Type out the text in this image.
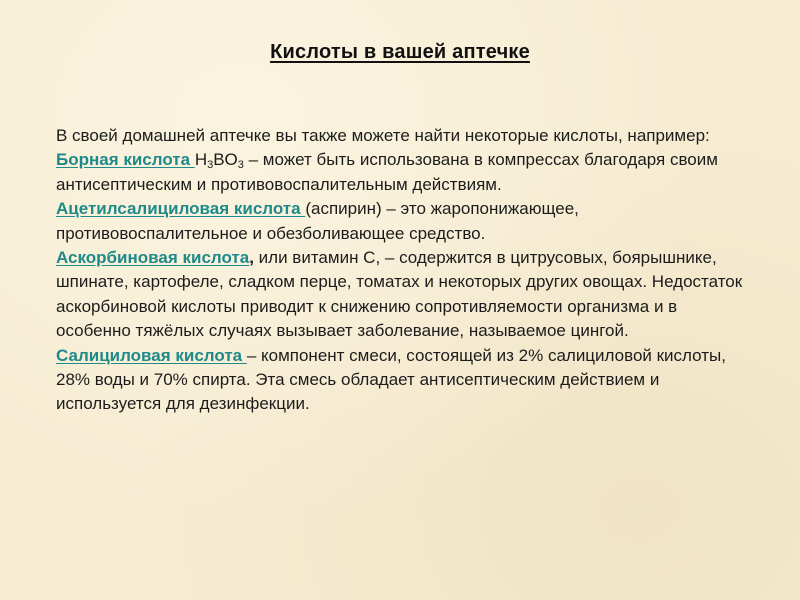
Кислоты в вашей аптечке

В своей домашней аптечке вы также можете найти некоторые кислоты, например:

Борная кислота $H_3BO_3$ – может быть использована в компрессах благодаря своим антисептическим и противовоспалительным действиям.

Ацетилсалициловая кислота (аспирин) – это жаропонижающее, противовоспалительное и обезболивающее средство.

Аскорбиновая кислота, или витамин С, – содержится в цитрусовых, боярышнике, шпинате, картофеле, сладком перце, томатах и некоторых других овощах. Недостаток аскорбиновой кислоты приводит к снижению сопротивляемости организма и в особенно тяжёлых случаях вызывает заболевание, называемое цингой.

Салициловая кислота – компонент смеси, состоящей из 2% салициловой кислоты, 28% воды и 70% спирта. Эта смесь обладает антисептическим действием и используется для дезинфекции.
